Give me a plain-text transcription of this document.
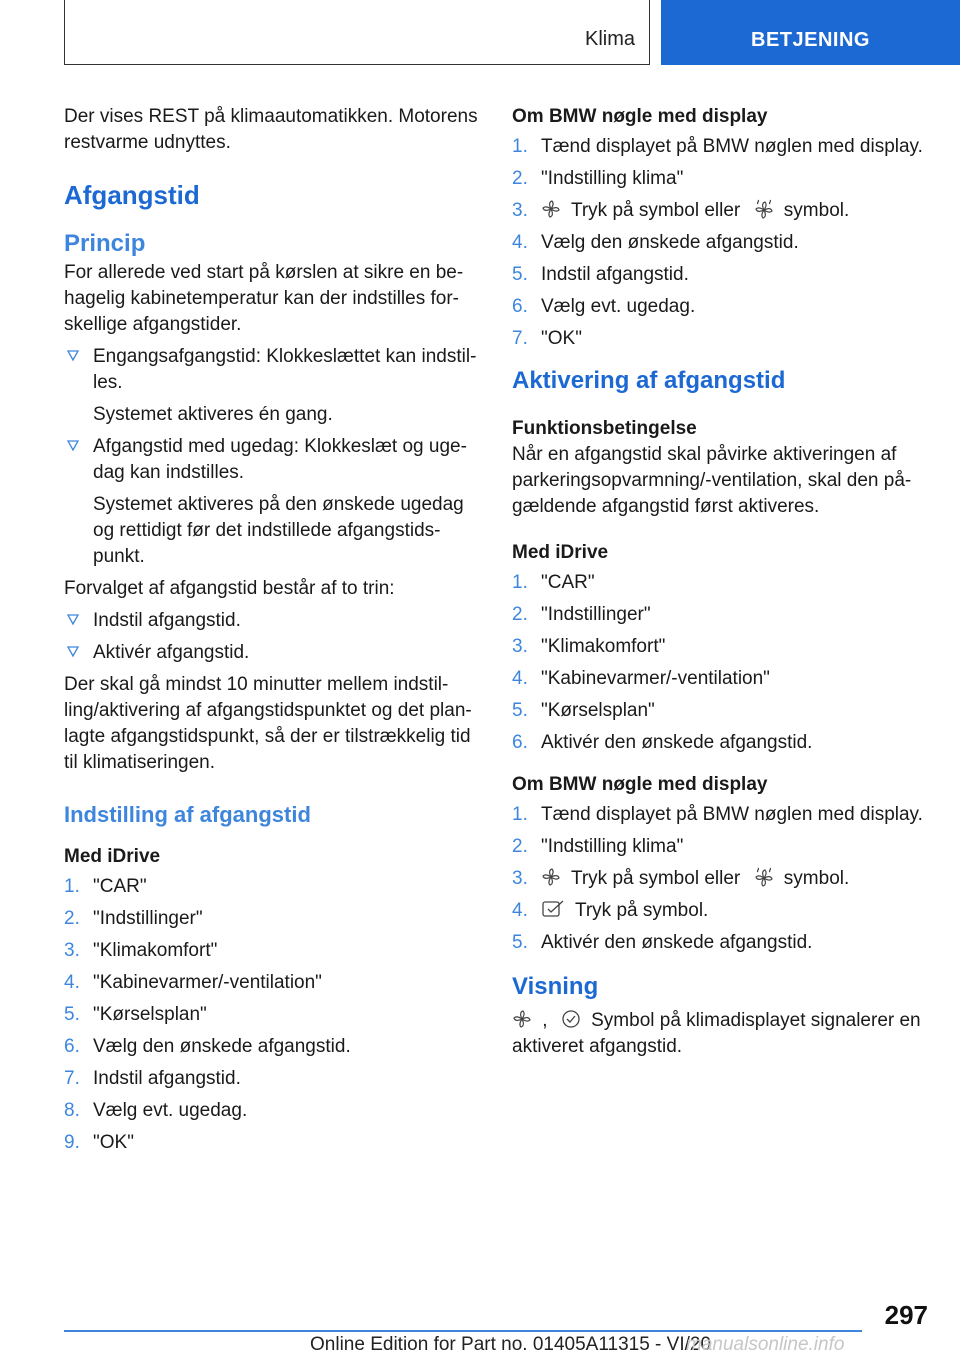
Klima	BETJENING

Der vises REST på klimaautomatikken. Motorens restvarme udnyttes.

Afgangstid
Princip

For allerede ved start på kørslen at sikre en behagelig kabinetemperatur kan der indstilles forskellige afgangstider.

Engangsafgangstid: Klokkeslættet kan indstilles.
Systemet aktiveres én gang.
Afgangstid med ugedag: Klokkeslæt og ugedag kan indstilles.
Systemet aktiveres på den ønskede ugedag og rettidigt før det indstillede afgangstidspunkt.

Forvalget af afgangstid består af to trin:

Indstil afgangstid.
Aktivér afgangstid.

Der skal gå mindst 10 minutter mellem indstilling/aktivering af afgangstidspunktet og det planlagte afgangstidspunkt, så der er tilstrækkelig tid til klimatiseringen.

Indstilling af afgangstid
Med iDrive
1. "CAR"
2. "Indstillinger"
3. "Klimakomfort"
4. "Kabinevarmer/-ventilation"
5. "Kørselsplan"
6. Vælg den ønskede afgangstid.
7. Indstil afgangstid.
8. Vælg evt. ugedag.
9. "OK"
Om BMW nøgle med display
1. Tænd displayet på BMW nøglen med display.
2. "Indstilling klima"
3.	Tryk på symbol eller symbol.
4. Vælg den ønskede afgangstid.
5. Indstil afgangstid.
6. Vælg evt. ugedag.
7. "OK"
Aktivering af afgangstid
Funktionsbetingelse

Når en afgangstid skal påvirke aktiveringen af parkeringsopvarmning/-ventilation, skal den pågældende afgangstid først aktiveres.

Med iDrive
1. "CAR"
2. "Indstillinger"
3. "Klimakomfort"
4. "Kabinevarmer/-ventilation"
5. "Kørselsplan"
6. Aktivér den ønskede afgangstid.
Om BMW nøgle med display
1. Tænd displayet på BMW nøglen med display.
2. "Indstilling klima"
3.	Tryk på symbol eller symbol.
4.	Tryk på symbol.
5. Aktivér den ønskede afgangstid.
Visning

, Symbol på klimadisplayet signalerer en aktiveret afgangstid.

297
Online Edition for Part no. 01405A11315 - VI/20
manualsonline.info
